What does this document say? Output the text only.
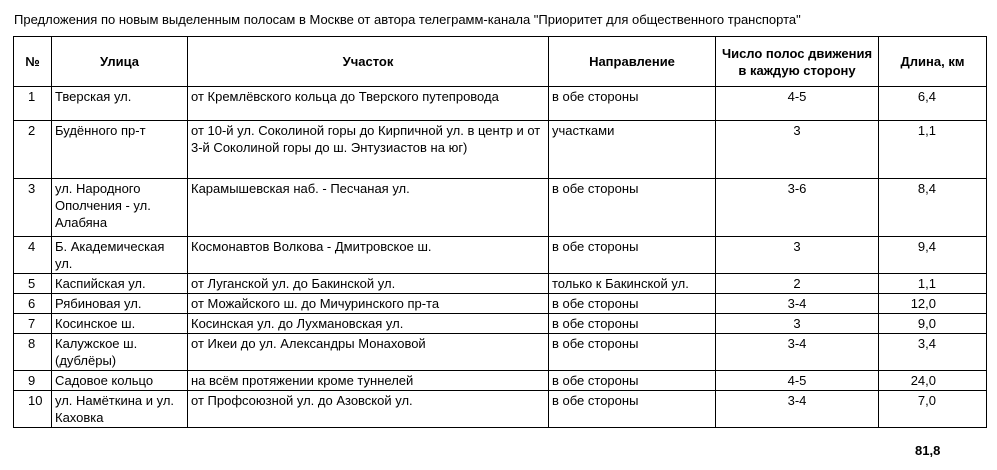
Предложения по новым выделенным полосам в Москве от автора телеграмм-канала "Приоритет для общественного транспорта"
№	Улица	Участок	Направление	Число полос движения в каждую сторону	Длина, км
1	Тверская ул.	от Кремлёвского кольца до Тверского путепровода	в обе стороны	4-5	6,4
2	Будённого пр-т	от 10-й ул. Соколиной горы до Кирпичной ул. в центр и от 3-й Соколиной горы до ш. Энтузиастов на юг)	участками	3	1,1
3	ул. Народного Ополчения - ул. Алабяна	Карамышевская наб. - Песчаная ул.	в обе стороны	3-6	8,4
4	Б. Академическая ул.	Космонавтов Волкова - Дмитровское ш.	в обе стороны	3	9,4
5	Каспийская ул.	от Луганской ул. до Бакинской ул.	только к Бакинской ул.	2	1,1
6	Рябиновая ул.	от Можайского ш. до Мичуринского пр-та	в обе стороны	3-4	12,0
7	Косинское ш.	Косинская ул. до Лухмановская ул.	в обе стороны	3	9,0
8	Калужское ш. (дублёры)	от Икеи до ул. Александры Монаховой	в обе стороны	3-4	3,4
9	Садовое кольцо	на всём протяжении кроме туннелей	в обе стороны	4-5	24,0
10	ул. Намёткина и ул. Каховка	от Профсоюзной ул. до Азовской ул.	в обе стороны	3-4	7,0
81,8
